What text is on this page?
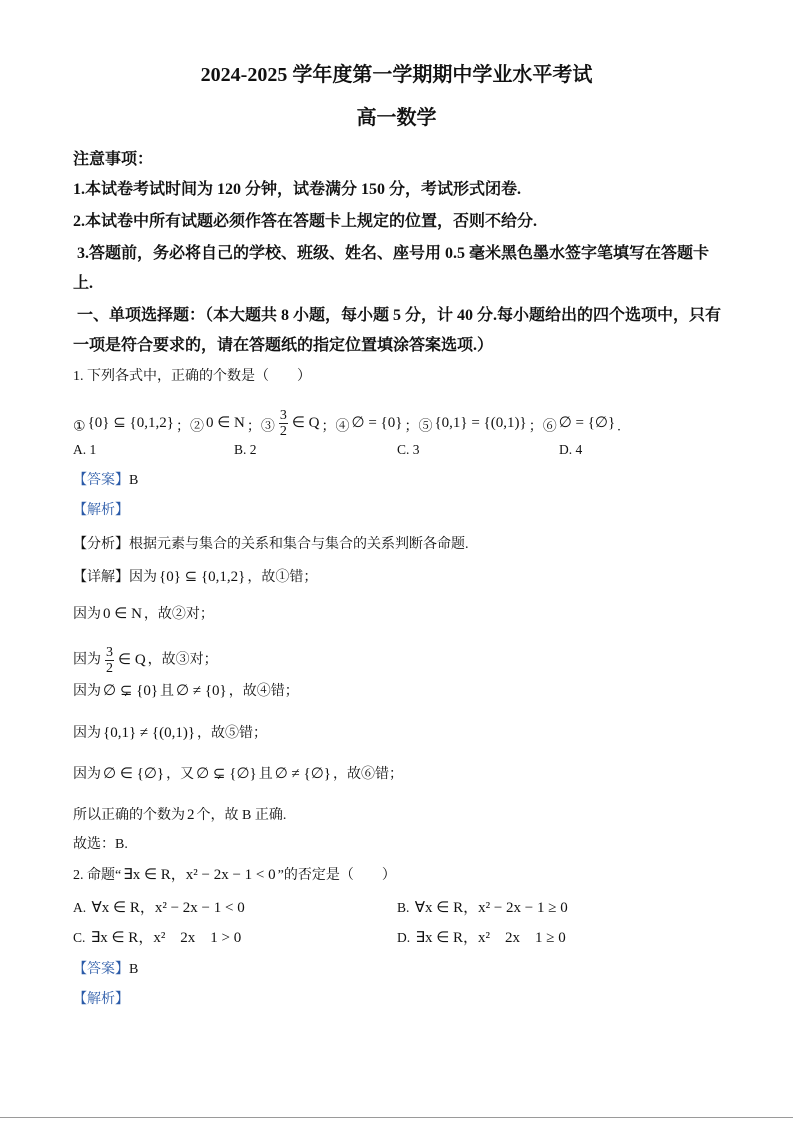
2024-2025 学年度第一学期期中学业水平考试
高一数学
注意事项：
1.本试卷考试时间为 120 分钟，试卷满分 150 分，考试形式闭卷.
2.本试卷中所有试题必须作答在答题卡上规定的位置，否则不给分.
3.答题前，务必将自己的学校、班级、姓名、座号用 0.5 毫米黑色墨水签字笔填写在答题卡
上.
一、单项选择题：（本大题共 8 小题，每小题 5 分，计 40 分.每小题给出的四个选项中，只有
一项是符合要求的，请在答题纸的指定位置填涂答案选项.）
1. 下列各式中，正确的个数是（　　）
① {0} ⊆ {0,1,2} ；② 0 ∈ N ；③ $\frac{3}{2}$ ∈ Q ；④ ∅ = {0} ；⑤ {0,1} = {(0,1)} ；⑥ ∅ = {∅} .
A. 1	B. 2	C. 3	D. 4
【答案】B
【解析】
【分析】根据元素与集合的关系和集合与集合的关系判断各命题.
【详解】因为 {0} ⊆ {0,1,2} ，故①错；
因为 0 ∈ N ，故②对；
因为 $\frac{3}{2}$ ∈ Q ，故③对；
因为 ∅ ⊊ {0} 且 ∅ ≠ {0} ，故④错；
因为 {0,1} ≠ {(0,1)} ，故⑤错；
因为 ∅ ∈ {∅} ，又 ∅ ⊊ {∅} 且 ∅ ≠ {∅} ，故⑥错；
所以正确的个数为 2 个，故 B 正确.
故选：B.
2. 命题“ ∃x ∈ R，x² − 2x − 1 < 0 ”的否定是（　　）
A. ∀x ∈ R，x² − 2x − 1 < 0	B. ∀x ∈ R，x² − 2x − 1 ≥ 0
C. ∃x ∈ R，x²　2x　1 > 0	D. ∃x ∈ R，x²　2x　1 ≥ 0
【答案】B
【解析】
